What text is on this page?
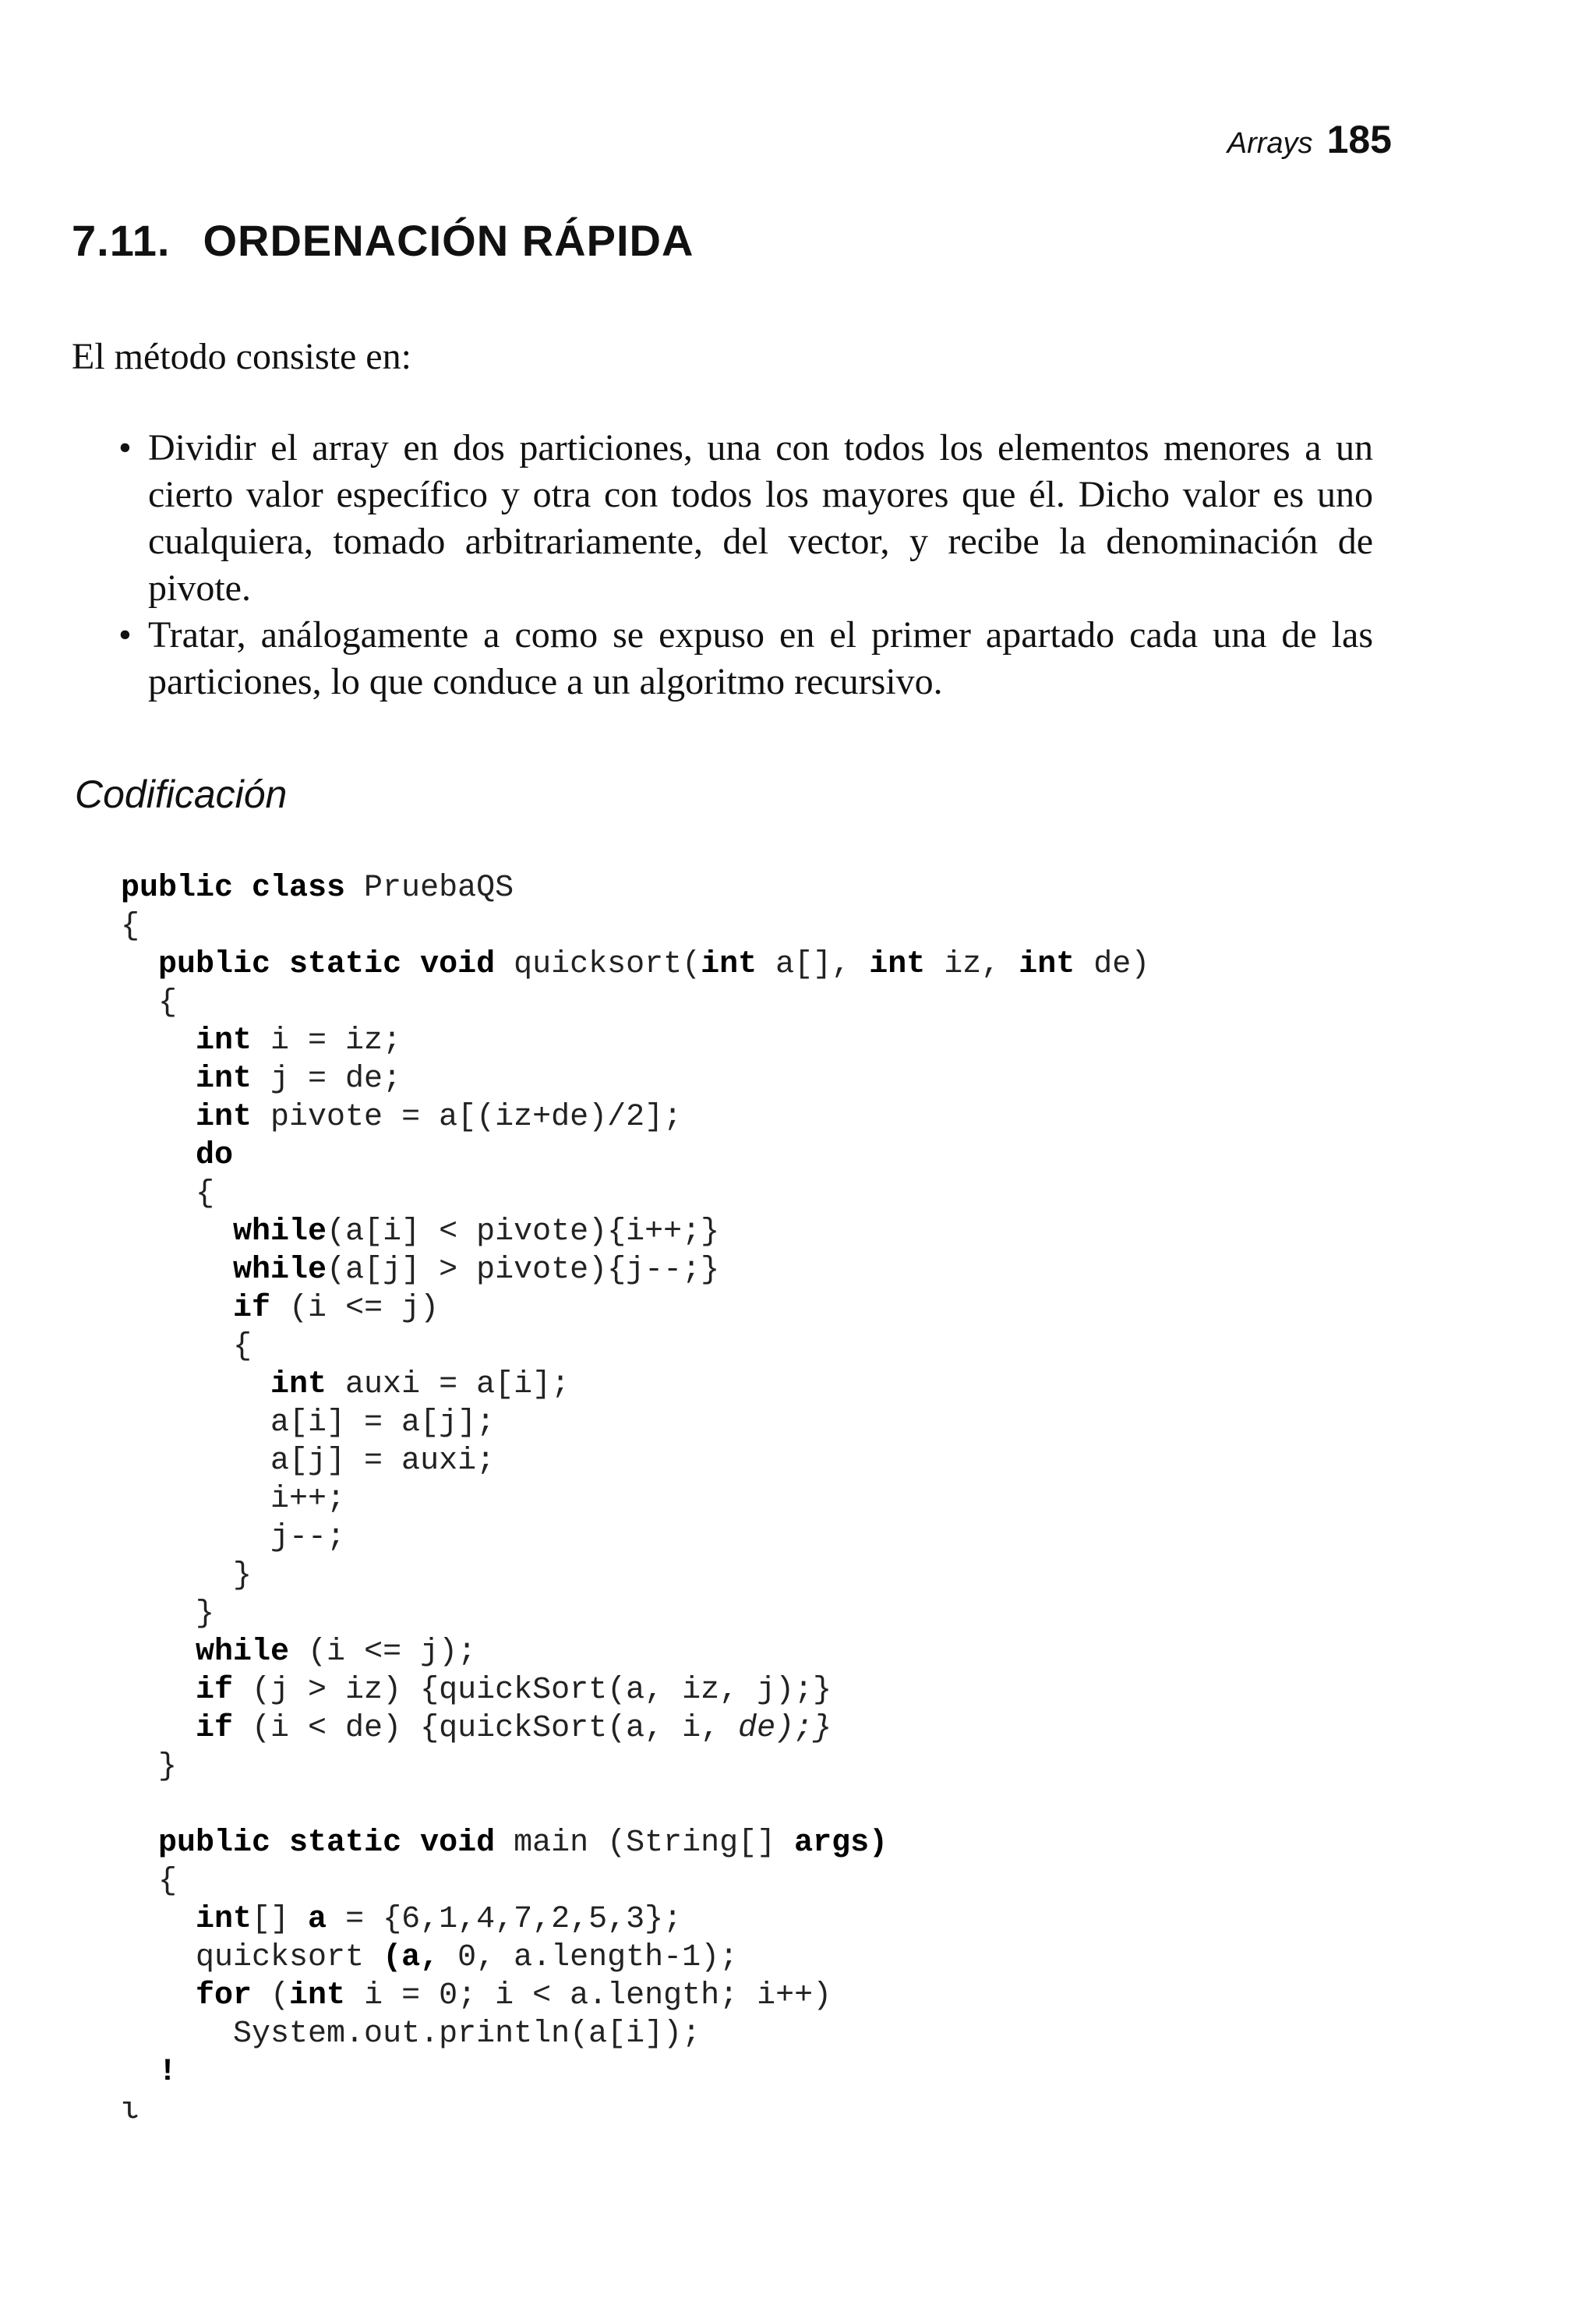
Arrays 185
7.11. ORDENACIÓN RÁPIDA

El método consiste en:

• Dividir el array en dos particiones, una con todos los elementos menores a un cierto valor específico y otra con todos los mayores que él. Dicho valor es uno cualquiera, tomado arbitrariamente, del vector, y recibe la denominación de pivote.
• Tratar, análogamente a como se expuso en el primer apartado cada una de las particiones, lo que conduce a un algoritmo recursivo.
Codificación
public class PruebaQS
{
public static void quicksort(int a[], int iz, int de)
{
int i = iz;
int ј = de;
int pivote = a[(iz+de)/2];
do
{
while(a[i] < pivote){i++;}
while(a[j] > pivote){j--;}
if (i <= j)
{
int auxi = a[i];
a[i] = a[j];
a[j] = auxi;
i++;
j--;
}
}
while (i <= j);
if (j > iz) {quickSort(a, iz, j);}
if (i < de) {quickSort(a, i, de);}
}

public static void main (String[] args)
{
int[] a = {6,1,4,7,2,5,3};
quicksort (a, 0, a.length-1);
for (int i = 0; i < a.length; i++)
System.out.println(a[i]);
!
ι
